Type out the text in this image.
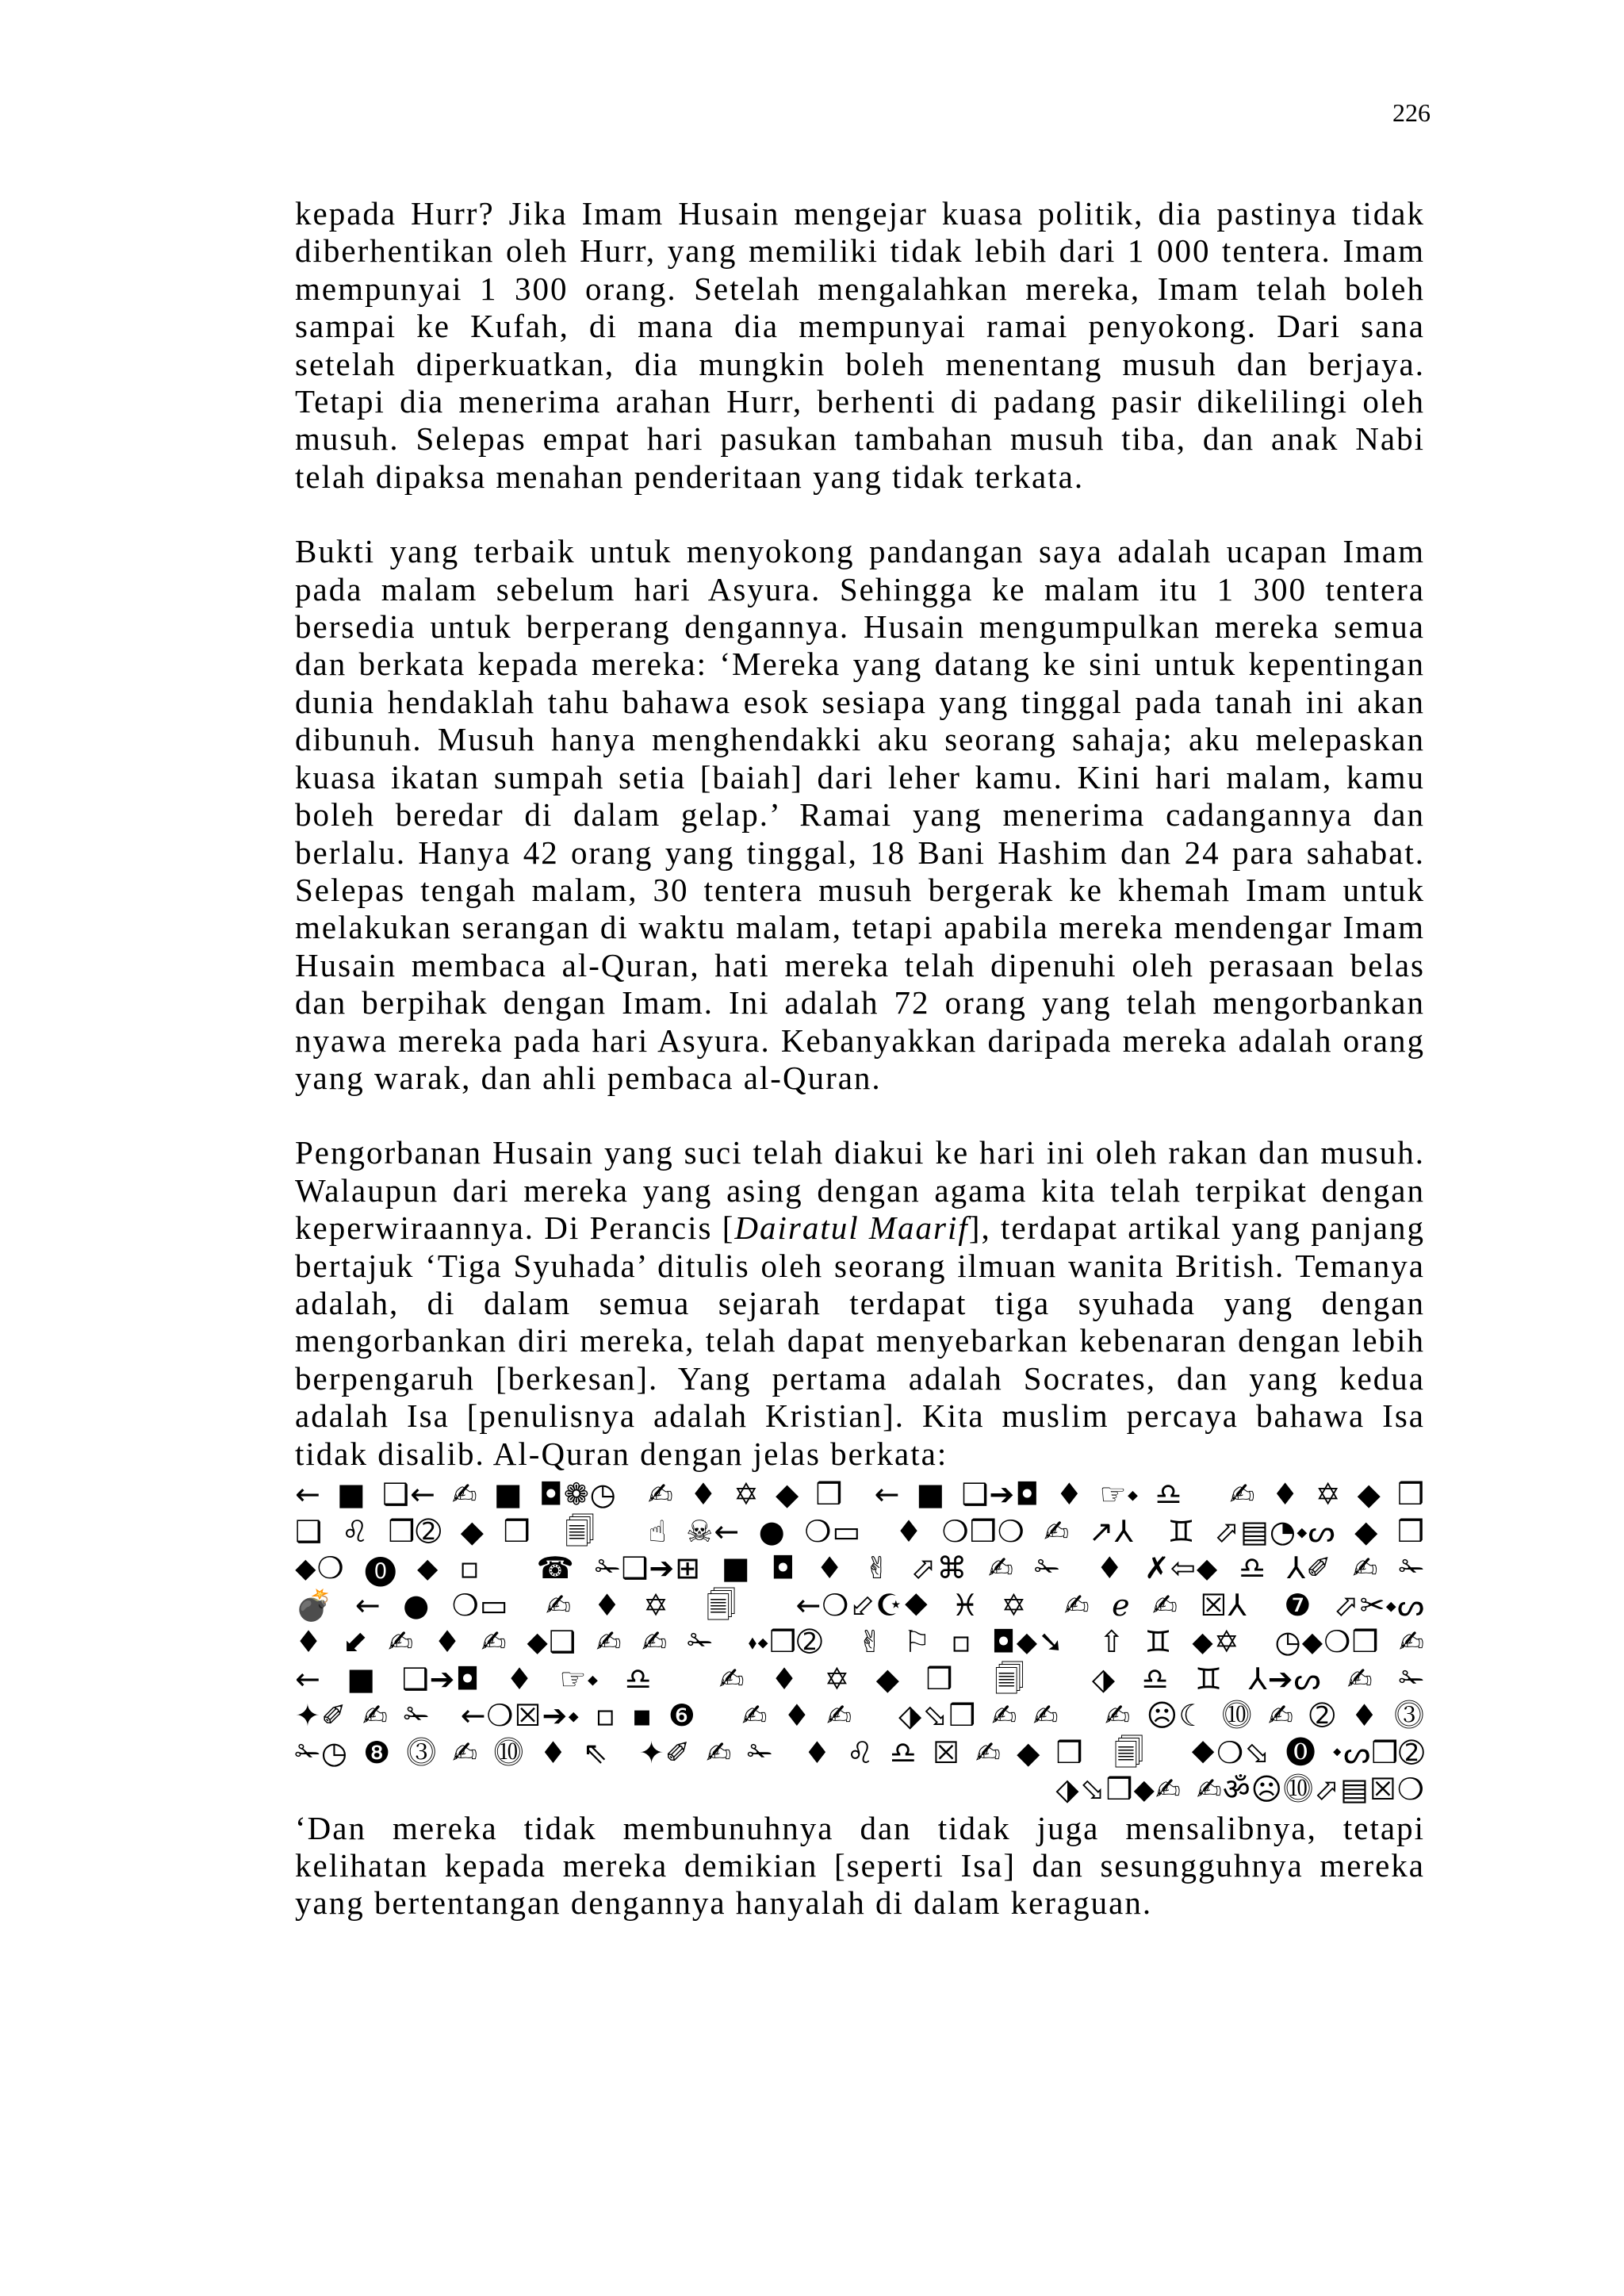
226

kepada Hurr? Jika Imam Husain mengejar kuasa politik, dia pastinya tidak diberhentikan oleh Hurr, yang memiliki tidak lebih dari 1 000 tentera. Imam mempunyai 1 300 orang. Setelah mengalahkan mereka, Imam telah boleh sampai ke Kufah, di mana dia mempunyai ramai penyokong. Dari sana setelah diperkuatkan, dia mungkin boleh menentang musuh dan berjaya. Tetapi dia menerima arahan Hurr, berhenti di padang pasir dikelilingi oleh musuh. Selepas empat hari pasukan tambahan musuh tiba, dan anak Nabi telah dipaksa menahan penderitaan yang tidak terkata.

Bukti yang terbaik untuk menyokong pandangan saya adalah ucapan Imam pada malam sebelum hari Asyura. Sehingga ke malam itu 1 300 tentera bersedia untuk berperang dengannya. Husain mengumpulkan mereka semua dan berkata kepada mereka: ‘Mereka yang datang ke sini untuk kepentingan dunia hendaklah tahu bahawa esok sesiapa yang tinggal pada tanah ini akan dibunuh. Musuh hanya menghendakki aku seorang sahaja; aku melepaskan kuasa ikatan sumpah setia [baiah] dari leher kamu. Kini hari malam, kamu boleh beredar di dalam gelap.’ Ramai yang menerima cadangannya dan berlalu. Hanya 42 orang yang tinggal, 18 Bani Hashim dan 24 para sahabat. Selepas tengah malam, 30 tentera musuh bergerak ke khemah Imam untuk melakukan serangan di waktu malam, tetapi apabila mereka mendengar Imam Husain membaca al-Quran, hati mereka telah dipenuhi oleh perasaan belas dan berpihak dengan Imam. Ini adalah 72 orang yang telah mengorbankan nyawa mereka pada hari Asyura. Kebanyakkan daripada mereka adalah orang yang warak, dan ahli pembaca al-Quran.

Pengorbanan Husain yang suci telah diakui ke hari ini oleh rakan dan musuh. Walaupun dari mereka yang asing dengan agama kita telah terpikat dengan keperwiraannya. Di Perancis [Dairatul Maarif], terdapat artikal yang panjang bertajuk ‘Tiga Syuhada’ ditulis oleh seorang ilmuan wanita British. Temanya adalah, di dalam semua sejarah terdapat tiga syuhada yang dengan mengorbankan diri mereka, telah dapat menyebarkan kebenaran dengan lebih berpengaruh [berkesan]. Yang pertama adalah Socrates, dan yang kedua adalah Isa [penulisnya adalah Kristian]. Kita muslim percaya bahawa Isa tidak disalib. Al-Quran dengan jelas berkata:

←■❑←✍■◘❁◷ ✍♦✡◆❒ ←■❑➔◘♦☞⬩♎ ✍♦✡◆❒
❑♌❒➁◆❒ 🗐 ☝☠←●❍▭ ♦❍❒❍✍↗⅄ ♊⬀▤◔⬩ᔕ◆❒
⬥❍⓿⬥▫ ☎✁❑➔⊞■◘♦✌⬀⌘✍✁ ♦✗⇦⬥♎⅄✐✍✁
💣←●❍▭ ✍♦✡ 🗐 ←❍⬃☪⬥♓✡ ✍ℯ✍☒⅄ ❼⬀✂⬩ᔕ
♦⬋✍♦✍⬥❑✍✍✁ ⬪⬩❒➁ ✌⚐▫◘⬥➘ ⇧♊⬥✡ ◷⬥❍❒✍
←■❑➔◘♦☞⬩♎ ✍♦✡◆❒ 🗐 ⬗♎♊⅄➔ᔕ✍✁
✦✐✍✁ ←❍☒➔⬩▫▪❻ ✍♦✍ ⬗⬂❒✍✍ ✍☹☾⓾✍➁♦⓷
✁◷❽⓷✍⓾♦⇖ ✦✐✍✁ ♦♌♎☒✍◆❒ 🗐 ⬥❍⬂⓿⬩ᔕ❒➁
⬗⬂❒⬥✍ ✍ॐ☹⓾⬀▤☒❍

‘Dan mereka tidak membunuhnya dan tidak juga mensalibnya, tetapi kelihatan kepada mereka demikian [seperti Isa] dan sesungguhnya mereka yang bertentangan dengannya hanyalah di dalam keraguan.
